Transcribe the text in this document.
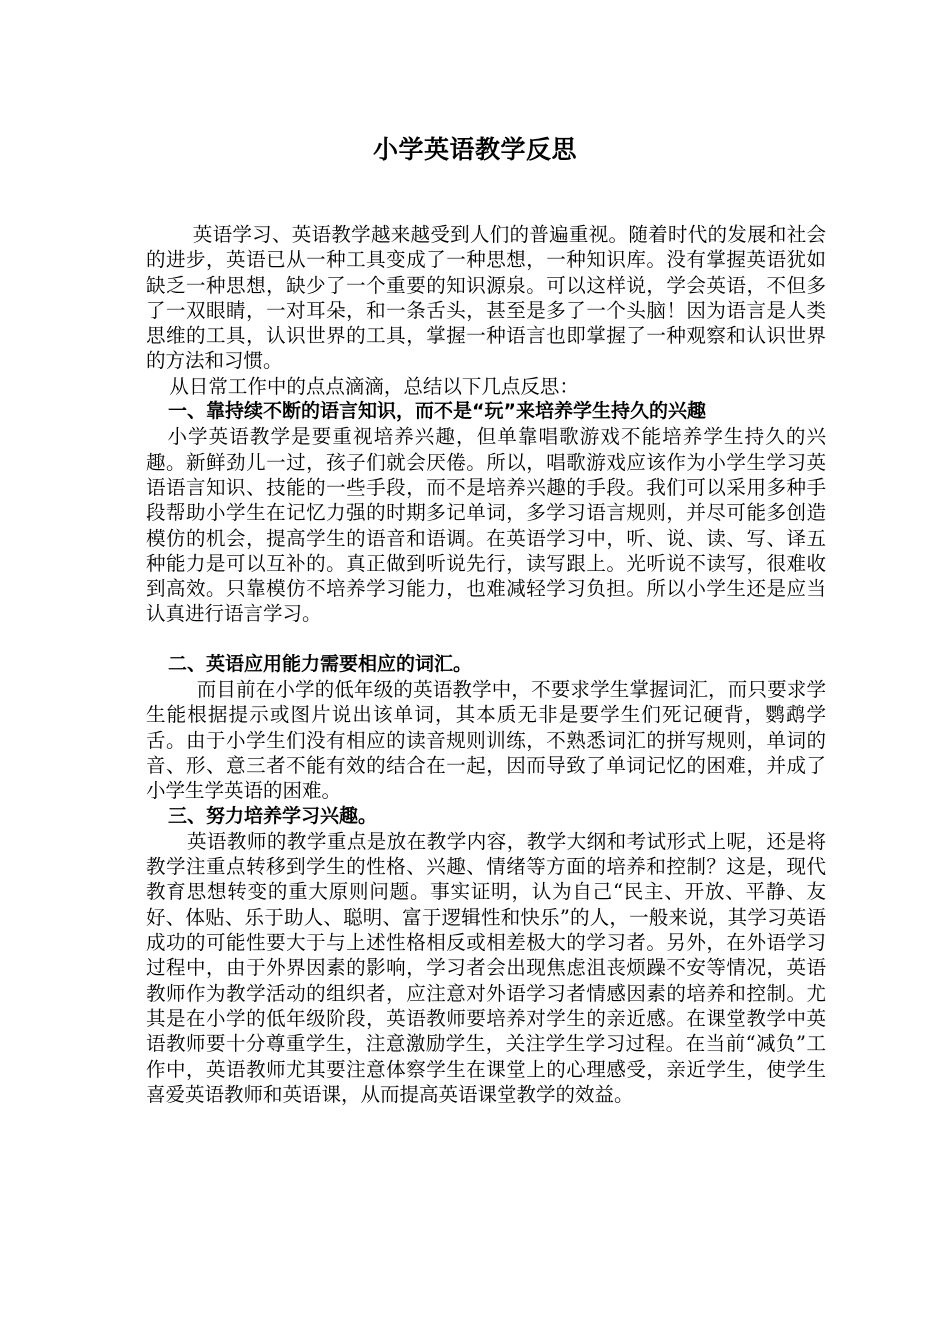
小学英语教学反思

英语学习、英语教学越来越受到人们的普遍重视。随着时代的发展和社会的进步，英语已从一种工具变成了一种思想，一种知识库。没有掌握英语犹如缺乏一种思想，缺少了一个重要的知识源泉。可以这样说，学会英语，不但多了一双眼睛，一对耳朵，和一条舌头，甚至是多了一个头脑！因为语言是人类思维的工具，认识世界的工具，掌握一种语言也即掌握了一种观察和认识世界的方法和习惯。

从日常工作中的点点滴滴，总结以下几点反思：

一、靠持续不断的语言知识，而不是“玩”来培养学生持久的兴趣

小学英语教学是要重视培养兴趣，但单靠唱歌游戏不能培养学生持久的兴趣。新鲜劲儿一过，孩子们就会厌倦。所以，唱歌游戏应该作为小学生学习英语语言知识、技能的一些手段，而不是培养兴趣的手段。我们可以采用多种手段帮助小学生在记忆力强的时期多记单词，多学习语言规则，并尽可能多创造模仿的机会，提高学生的语音和语调。在英语学习中，听、说、读、写、译五种能力是可以互补的。真正做到听说先行，读写跟上。光听说不读写，很难收到高效。只靠模仿不培养学习能力，也难减轻学习负担。所以小学生还是应当认真进行语言学习。

二、英语应用能力需要相应的词汇。

而目前在小学的低年级的英语教学中，不要求学生掌握词汇，而只要求学生能根据提示或图片说出该单词，其本质无非是要学生们死记硬背，鹦鹉学舌。由于小学生们没有相应的读音规则训练，不熟悉词汇的拼写规则，单词的音、形、意三者不能有效的结合在一起，因而导致了单词记忆的困难，并成了小学生学英语的困难。

三、努力培养学习兴趣。

英语教师的教学重点是放在教学内容，教学大纲和考试形式上呢，还是将教学注重点转移到学生的性格、兴趣、情绪等方面的培养和控制？这是，现代教育思想转变的重大原则问题。事实证明，认为自己“民主、开放、平静、友好、体贴、乐于助人、聪明、富于逻辑性和快乐”的人，一般来说，其学习英语成功的可能性要大于与上述性格相反或相差极大的学习者。另外，在外语学习过程中，由于外界因素的影响，学习者会出现焦虑沮丧烦躁不安等情况，英语教师作为教学活动的组织者，应注意对外语学习者情感因素的培养和控制。尤其是在小学的低年级阶段，英语教师要培养对学生的亲近感。在课堂教学中英语教师要十分尊重学生，注意激励学生，关注学生学习过程。在当前“减负”工作中，英语教师尤其要注意体察学生在课堂上的心理感受，亲近学生，使学生喜爱英语教师和英语课，从而提高英语课堂教学的效益。
